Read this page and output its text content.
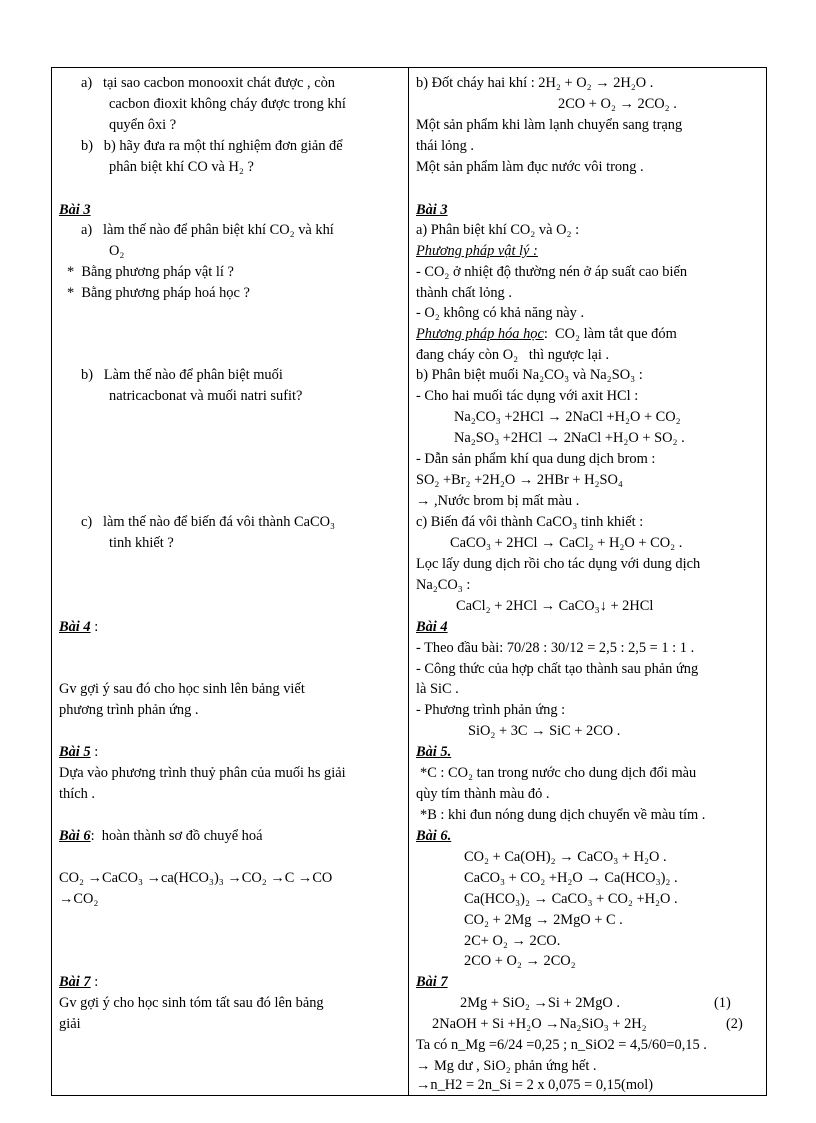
a)   tại sao cacbon monooxit chát được , còn
cacbon đioxit không cháy được trong khí
quyển ôxi ?
b)   b) hãy đưa ra một thí nghiệm đơn giản để
phân biệt khí CO và H₂ ?
Bài 3
a)   làm thế nào để phân biệt khí CO₂ và khí
O₂
*  Bằng phương pháp vật lí ?
*  Bằng phương pháp hoá học ?
b)   Làm thế nào để phân biệt muối
natricacbonat và muối natri sufit?
c)   làm thế nào để biến đá vôi thành CaCO₃
tinh khiết ?
Bài 4 :
Gv gợi ý sau đó cho học sinh lên bảng viết
phương trình phản ứng .
Bài 5 :
Dựa vào phương trình thuỷ phân của muối hs giải
thích .
Bài 6:  hoàn thành sơ đồ chuyể hoá
CO₂ →CaCO₃ →ca(HCO₃)₃ →CO₂ →C →CO
→CO₂
Bài 7 :
Gv gợi ý cho học sinh tóm tất sau đó lên bảng
giải
b) Đốt cháy hai khí : 2H₂ + O₂ → 2H₂O .
2CO + O₂ → 2CO₂ .
Một sản phẩm khi làm lạnh chuyển sang trạng
thái lỏng .
Một sản phẩm làm đục nước vôi trong .
Bài 3
a) Phân biệt khí CO₂ và O₂ :
Phương pháp vật lý :
- CO₂ ở nhiệt độ thường nén ở áp suất cao biến
thành chất lỏng .
- O₂ không có khả năng này .
Phương pháp hóa học:  CO₂ làm tắt que đóm
đang cháy còn O₂   thì ngược lại .
b) Phân biệt muối Na₂CO₃ và Na₂SO₃ :
- Cho hai muối tác dụng với axit HCl :
Na₂CO₃ +2HCl → 2NaCl +H₂O + CO₂
Na₂SO₃ +2HCl → 2NaCl +H₂O + SO₂ .
- Dẫn sản phẩm khí qua dung dịch brom :
SO₂ +Br₂ +2H₂O → 2HBr + H₂SO₄
→ ,Nước brom bị mất màu .
c) Biến đá vôi thành CaCO₃ tinh khiết :
CaCO₃ + 2HCl → CaCl₂ + H₂O + CO₂ .
Lọc lấy dung dịch rồi cho tác dụng với dung dịch
Na₂CO₃ :
CaCl₂ + 2HCl → CaCO₃↓ + 2HCl
Bài 4
- Theo đầu bài: 70/28 : 30/12 = 2,5 : 2,5 = 1 : 1 .
- Công thức của hợp chất tạo thành sau phản ứng
là SiC .
- Phương trình phản ứng :
SiO₂ + 3C → SiC + 2CO .
Bài 5.
*C : CO₂ tan trong nước cho dung dịch đổi màu
qùy tím thành màu đỏ .
*B : khi đun nóng dung dịch chuyển về màu tím .
Bài 6.
CO₂ + Ca(OH)₂ → CaCO₃ + H₂O .
CaCO₃ + CO₂ +H₂O → Ca(HCO₃)₂ .
Ca(HCO₃)₂ → CaCO₃ + CO₂ +H₂O .
CO₂ + 2Mg → 2MgO + C .
2C+ O₂ → 2CO.
2CO + O₂ → 2CO₂
Bài 7
2Mg + SiO₂ →Si + 2MgO .	(1)
2NaOH + Si +H₂O →Na₂SiO₃ + 2H₂	(2)
Ta có n_Mg =6/24 =0,25 ; n_SiO2 = 4,5/60=0,15 .
→ Mg dư , SiO₂ phản ứng hết .
→n_H2 = 2n_Si = 2 x 0,075 = 0,15(mol)
